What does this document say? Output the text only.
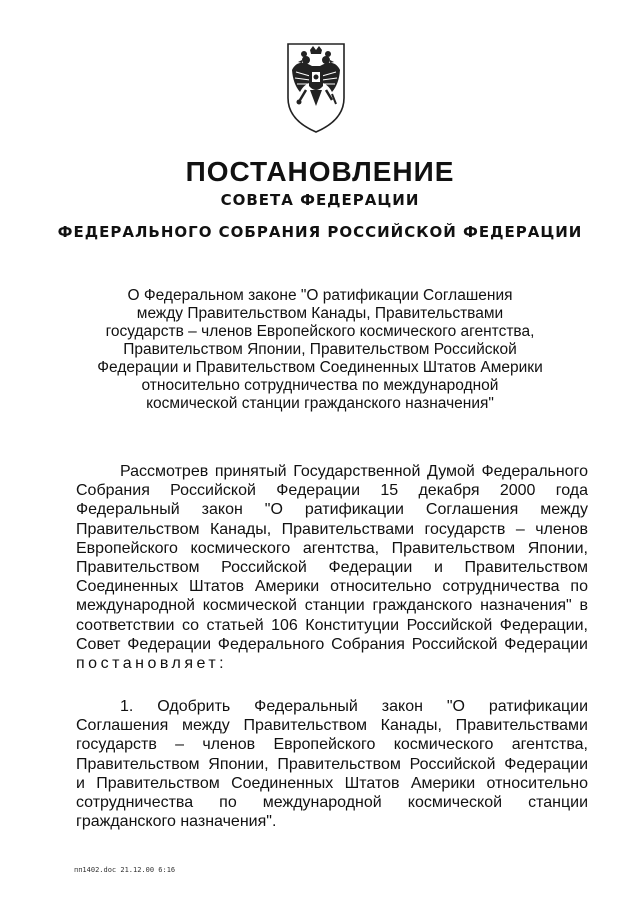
ПОСТАНОВЛЕНИЕ
СОВЕТА ФЕДЕРАЦИИ
ФЕДЕРАЛЬНОГО СОБРАНИЯ РОССИЙСКОЙ ФЕДЕРАЦИИ

О Федеральном законе "О ратификации Соглашения
между Правительством Канады, Правительствами
государств – членов Европейского космического агентства,
Правительством Японии, Правительством Российской
Федерации и Правительством Соединенных Штатов Америки
относительно сотрудничества по международной
космической станции гражданского назначения"

Рассмотрев принятый Государственной Думой Федерального
Собрания Российской Федерации 15 декабря 2000 года
Федеральный закон "О ратификации Соглашения между
Правительством Канады, Правительствами государств – членов
Европейского космического агентства, Правительством Японии,
Правительством Российской Федерации и Правительством
Соединенных Штатов Америки относительно сотрудничества по
международной космической станции гражданского назначения" в
соответствии со статьей 106 Конституции Российской Федерации,
Совет Федерации Федерального Собрания Российской Федерации
постановляет:

1. Одобрить Федеральный закон "О ратификации
Соглашения между Правительством Канады, Правительствами
государств – членов Европейского космического агентства,
Правительством Японии, Правительством Российской Федерации
и Правительством Соединенных Штатов Америки относительно
сотрудничества по международной космической станции
гражданского назначения".

пп1402.doc 21.12.00 6:16
